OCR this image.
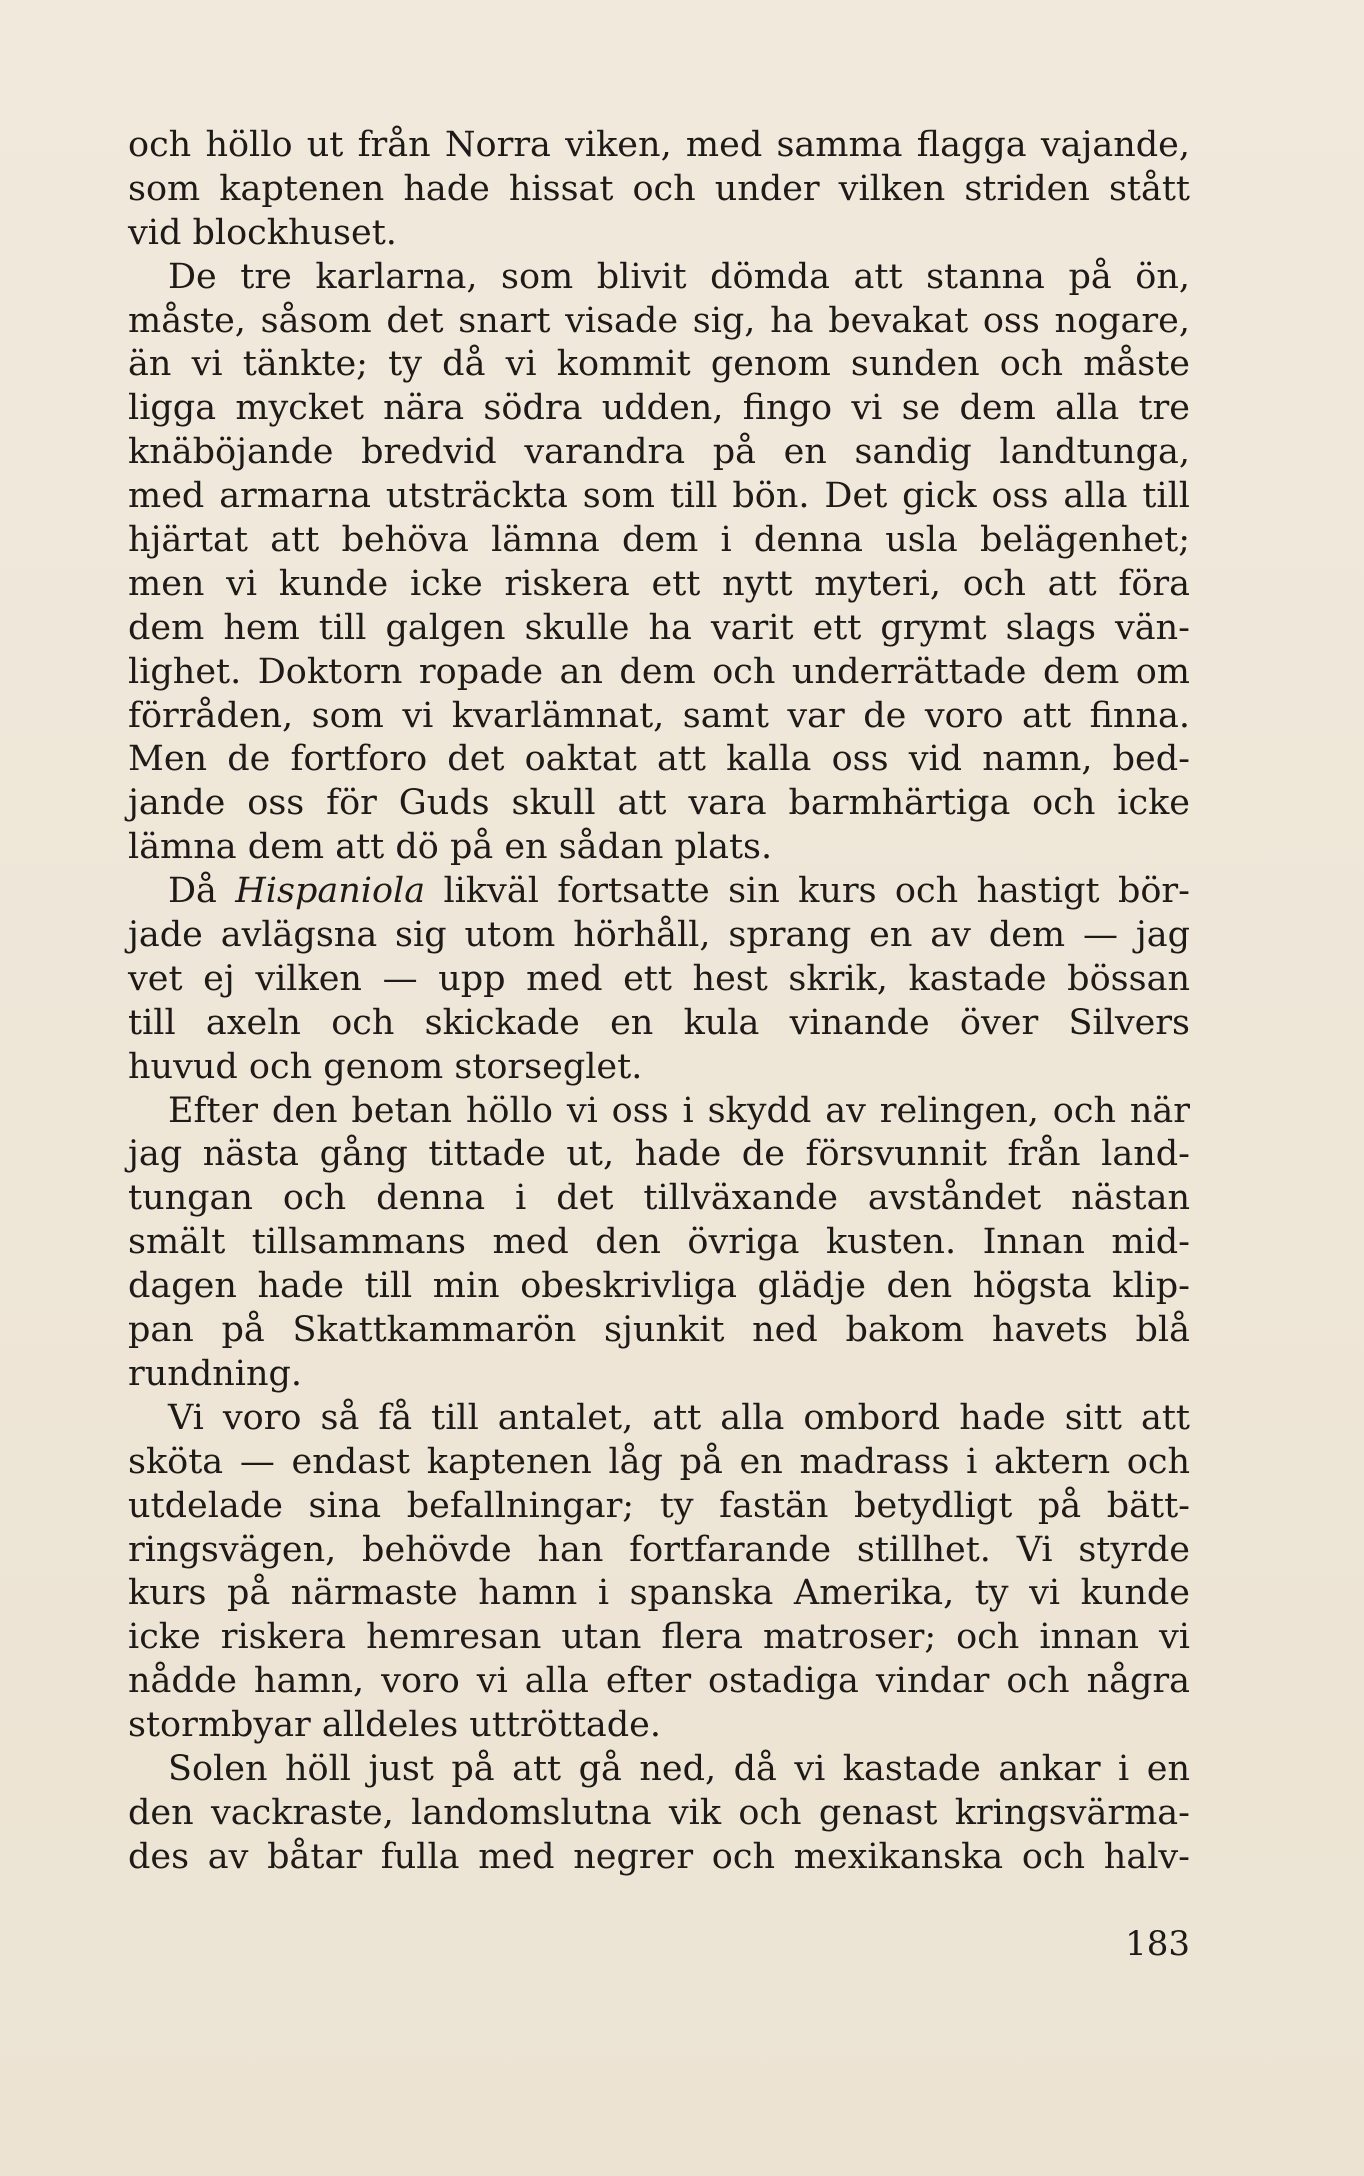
och höllo ut från Norra viken, med samma flagga vajande,
som kaptenen hade hissat och under vilken striden stått
vid blockhuset.
De tre karlarna, som blivit dömda att stanna på ön,
måste, såsom det snart visade sig, ha bevakat oss nogare,
än vi tänkte; ty då vi kommit genom sunden och måste
ligga mycket nära södra udden, fingo vi se dem alla tre
knäböjande bredvid varandra på en sandig landtunga,
med armarna utsträckta som till bön. Det gick oss alla till
hjärtat att behöva lämna dem i denna usla belägenhet;
men vi kunde icke riskera ett nytt myteri, och att föra
dem hem till galgen skulle ha varit ett grymt slags vän-
lighet. Doktorn ropade an dem och underrättade dem om
förråden, som vi kvarlämnat, samt var de voro att finna.
Men de fortforo det oaktat att kalla oss vid namn, bed-
jande oss för Guds skull att vara barmhärtiga och icke
lämna dem att dö på en sådan plats.
Då Hispaniola likväl fortsatte sin kurs och hastigt bör-
jade avlägsna sig utom hörhåll, sprang en av dem — jag
vet ej vilken — upp med ett hest skrik, kastade bössan
till axeln och skickade en kula vinande över Silvers
huvud och genom storseglet.
Efter den betan höllo vi oss i skydd av relingen, och när
jag nästa gång tittade ut, hade de försvunnit från land-
tungan och denna i det tillväxande avståndet nästan
smält tillsammans med den övriga kusten. Innan mid-
dagen hade till min obeskrivliga glädje den högsta klip-
pan på Skattkammarön sjunkit ned bakom havets blå
rundning.
Vi voro så få till antalet, att alla ombord hade sitt att
sköta — endast kaptenen låg på en madrass i aktern och
utdelade sina befallningar; ty fastän betydligt på bätt-
ringsvägen, behövde han fortfarande stillhet. Vi styrde
kurs på närmaste hamn i spanska Amerika, ty vi kunde
icke riskera hemresan utan flera matroser; och innan vi
nådde hamn, voro vi alla efter ostadiga vindar och några
stormbyar alldeles uttröttade.
Solen höll just på att gå ned, då vi kastade ankar i en
den vackraste, landomslutna vik och genast kringsvärma-
des av båtar fulla med negrer och mexikanska och halv-
183
